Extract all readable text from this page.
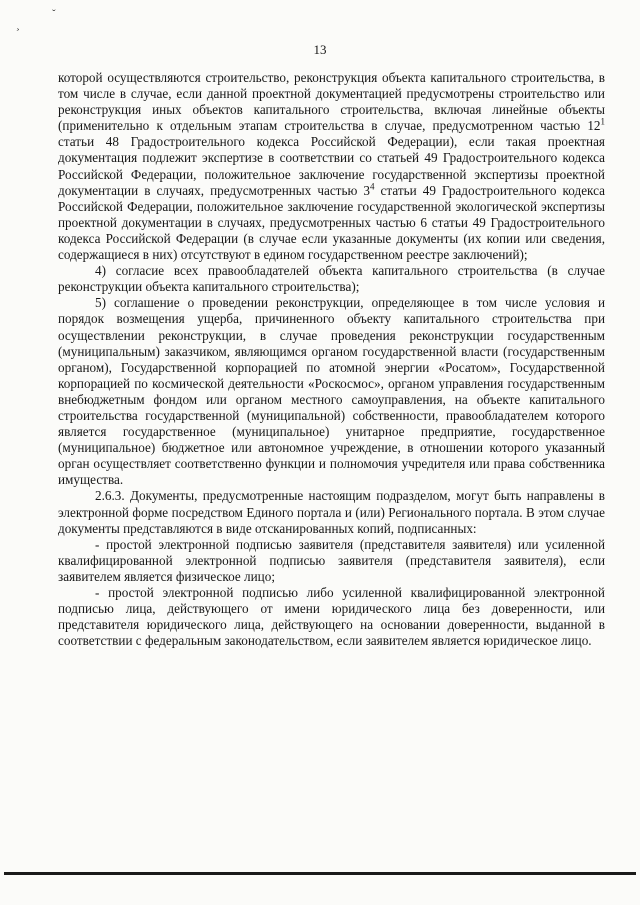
¸
ˇ
13

которой осуществляются строительство, реконструкция объекта капитального строительства, в том числе в случае, если данной проектной документацией предусмотрены строительство или реконструкция иных объектов капитального строительства, включая линейные объекты (применительно к отдельным этапам строительства в случае, предусмотренном частью $12^1$ статьи 48 Градостроительного кодекса Российской Федерации), если такая проектная документация подлежит экспертизе в соответствии со статьей 49 Градостроительного кодекса Российской Федерации, положительное заключение государственной экспертизы проектной документации в случаях, предусмотренных частью $3^4$ статьи 49 Градостроительного кодекса Российской Федерации, положительное заключение государственной экологической экспертизы проектной документации в случаях, предусмотренных частью 6 статьи 49 Градостроительного кодекса Российской Федерации (в случае если указанные документы (их копии или сведения, содержащиеся в них) отсутствуют в едином государственном реестре заключений);

4) согласие всех правообладателей объекта капитального строительства (в случае реконструкции объекта капитального строительства);

5) соглашение о проведении реконструкции, определяющее в том числе условия и порядок возмещения ущерба, причиненного объекту капитального строительства при осуществлении реконструкции, в случае проведения реконструкции государственным (муниципальным) заказчиком, являющимся органом государственной власти (государственным органом), Государственной корпорацией по атомной энергии «Росатом», Государственной корпорацией по космической деятельности «Роскосмос», органом управления государственным внебюджетным фондом или органом местного самоуправления, на объекте капитального строительства государственной (муниципальной) собственности, правообладателем которого является государственное (муниципальное) унитарное предприятие, государственное (муниципальное) бюджетное или автономное учреждение, в отношении которого указанный орган осуществляет соответственно функции и полномочия учредителя или права собственника имущества.

2.6.3. Документы, предусмотренные настоящим подразделом, могут быть направлены в электронной форме посредством Единого портала и (или) Регионального портала. В этом случае документы представляются в виде отсканированных копий, подписанных:

- простой электронной подписью заявителя (представителя заявителя) или усиленной квалифицированной электронной подписью заявителя (представителя заявителя), если заявителем является физическое лицо;

- простой электронной подписью либо усиленной квалифицированной электронной подписью лица, действующего от имени юридического лица без доверенности, или представителя юридического лица, действующего на основании доверенности, выданной в соответствии с федеральным законодательством, если заявителем является юридическое лицо.
